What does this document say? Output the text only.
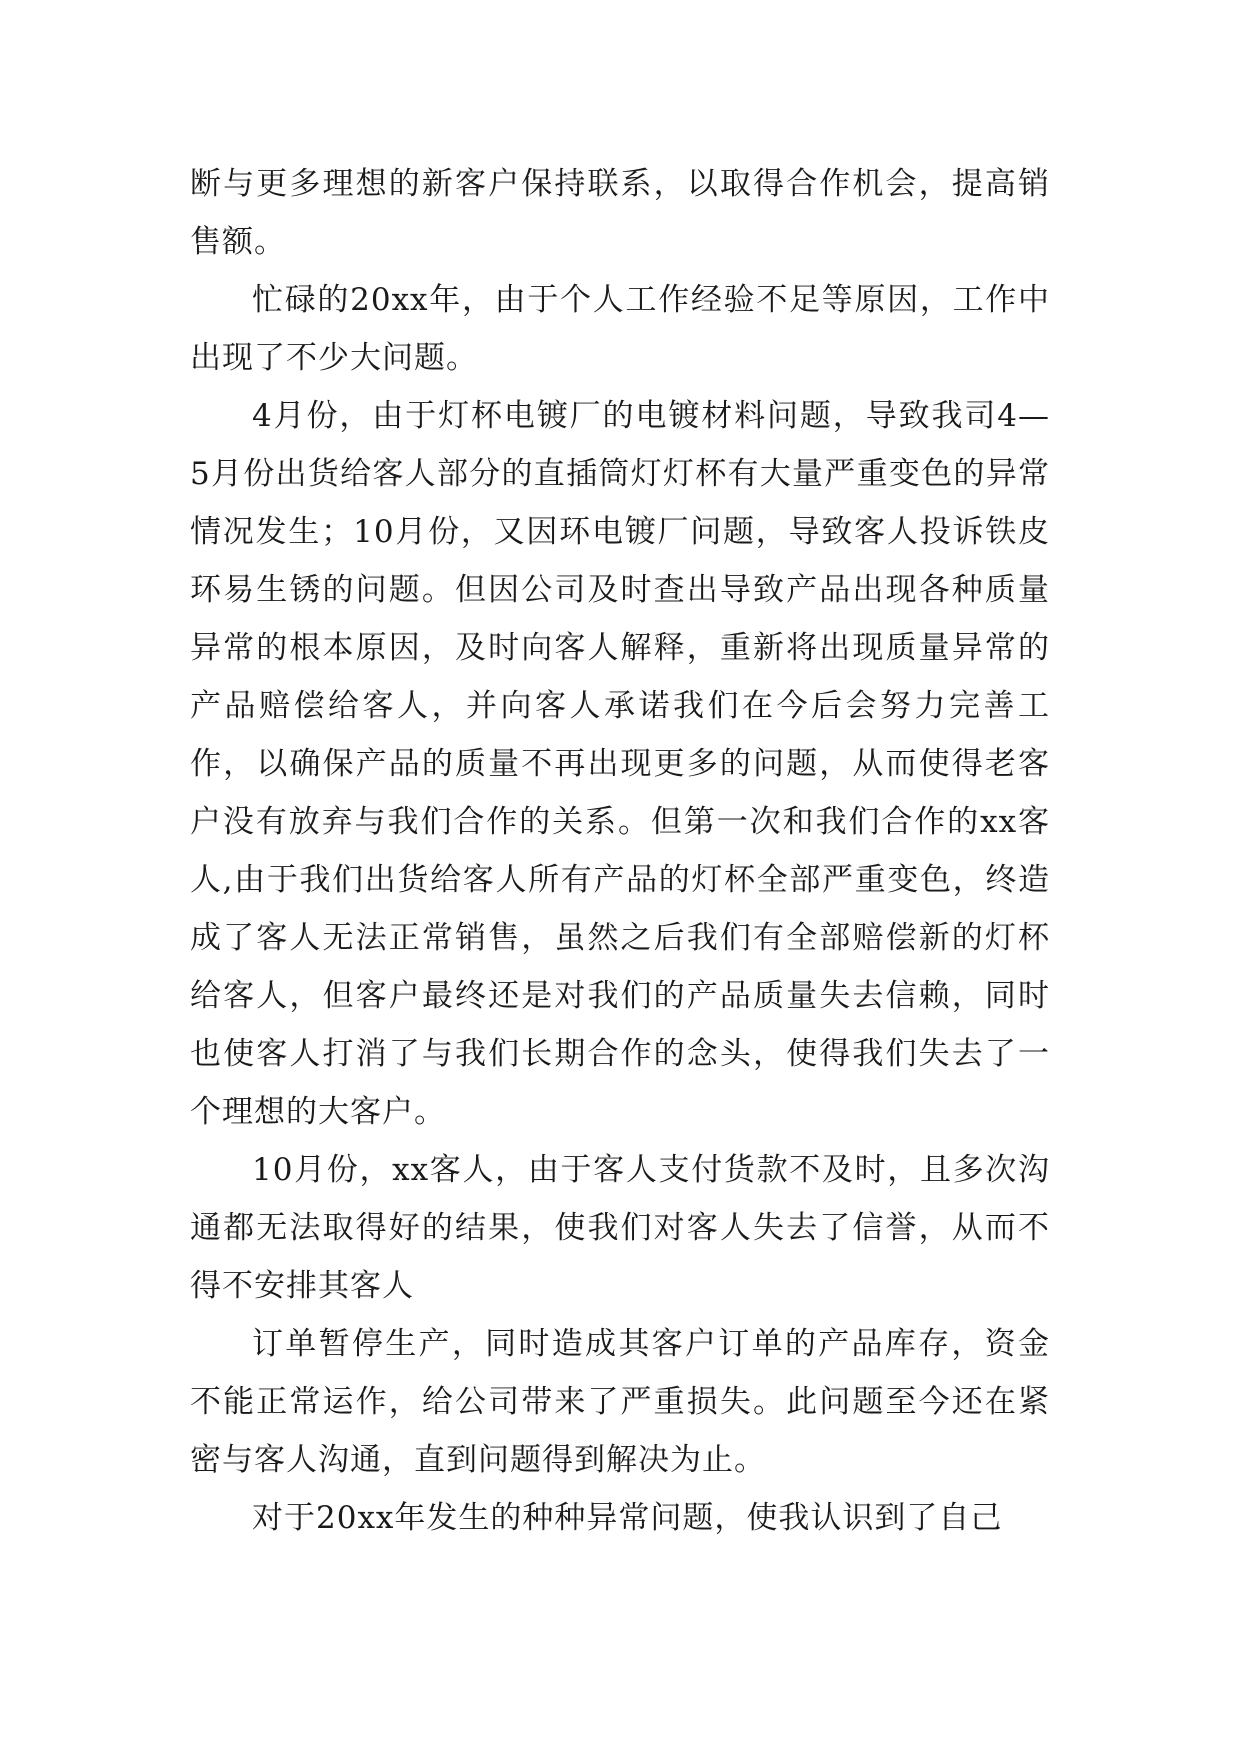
断与更多理想的新客户保持联系，以取得合作机会，提高销售额。

忙碌的20xx年，由于个人工作经验不足等原因，工作中出现了不少大问题。

4月份，由于灯杯电镀厂的电镀材料问题，导致我司4—5月份出货给客人部分的直插筒灯灯杯有大量严重变色的异常情况发生；10月份，又因环电镀厂问题，导致客人投诉铁皮环易生锈的问题。但因公司及时查出导致产品出现各种质量异常的根本原因，及时向客人解释，重新将出现质量异常的产品赔偿给客人，并向客人承诺我们在今后会努力完善工作，以确保产品的质量不再出现更多的问题，从而使得老客户没有放弃与我们合作的关系。但第一次和我们合作的xx客人,由于我们出货给客人所有产品的灯杯全部严重变色，终造成了客人无法正常销售，虽然之后我们有全部赔偿新的灯杯给客人，但客户最终还是对我们的产品质量失去信赖，同时也使客人打消了与我们长期合作的念头，使得我们失去了一个理想的大客户。

10月份，xx客人，由于客人支付货款不及时，且多次沟通都无法取得好的结果，使我们对客人失去了信誉，从而不得不安排其客人

订单暂停生产，同时造成其客户订单的产品库存，资金不能正常运作，给公司带来了严重损失。此问题至今还在紧密与客人沟通，直到问题得到解决为止。

对于20xx年发生的种种异常问题，使我认识到了自己
